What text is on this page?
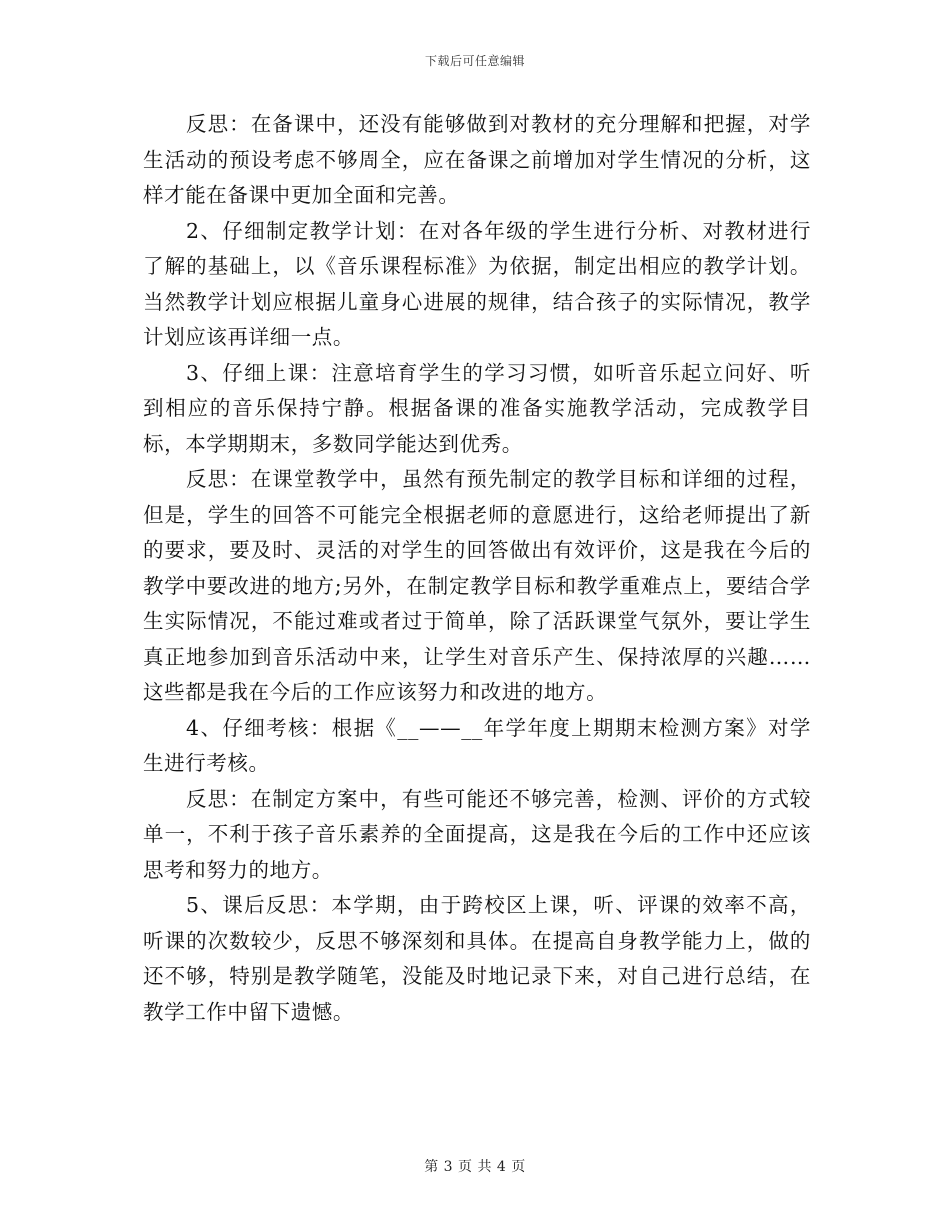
下载后可任意编辑

反思：在备课中，还没有能够做到对教材的充分理解和把握，对学生活动的预设考虑不够周全，应在备课之前增加对学生情况的分析，这样才能在备课中更加全面和完善。

2、仔细制定教学计划：在对各年级的学生进行分析、对教材进行了解的基础上，以《音乐课程标准》为依据，制定出相应的教学计划。当然教学计划应根据儿童身心进展的规律，结合孩子的实际情况，教学计划应该再详细一点。

3、仔细上课：注意培育学生的学习习惯，如听音乐起立问好、听到相应的音乐保持宁静。根据备课的准备实施教学活动，完成教学目标，本学期期末，多数同学能达到优秀。

反思：在课堂教学中，虽然有预先制定的教学目标和详细的过程，但是，学生的回答不可能完全根据老师的意愿进行，这给老师提出了新的要求，要及时、灵活的对学生的回答做出有效评价，这是我在今后的教学中要改进的地方;另外，在制定教学目标和教学重难点上，要结合学生实际情况，不能过难或者过于简单，除了活跃课堂气氛外，要让学生真正地参加到音乐活动中来，让学生对音乐产生、保持浓厚的兴趣……这些都是我在今后的工作应该努力和改进的地方。

4、仔细考核：根据《__——__年学年度上期期末检测方案》对学生进行考核。

反思：在制定方案中，有些可能还不够完善，检测、评价的方式较单一，不利于孩子音乐素养的全面提高，这是我在今后的工作中还应该思考和努力的地方。

5、课后反思：本学期，由于跨校区上课，听、评课的效率不高，听课的次数较少，反思不够深刻和具体。在提高自身教学能力上，做的还不够，特别是教学随笔，没能及时地记录下来，对自己进行总结，在教学工作中留下遗憾。

第 3 页 共 4 页
